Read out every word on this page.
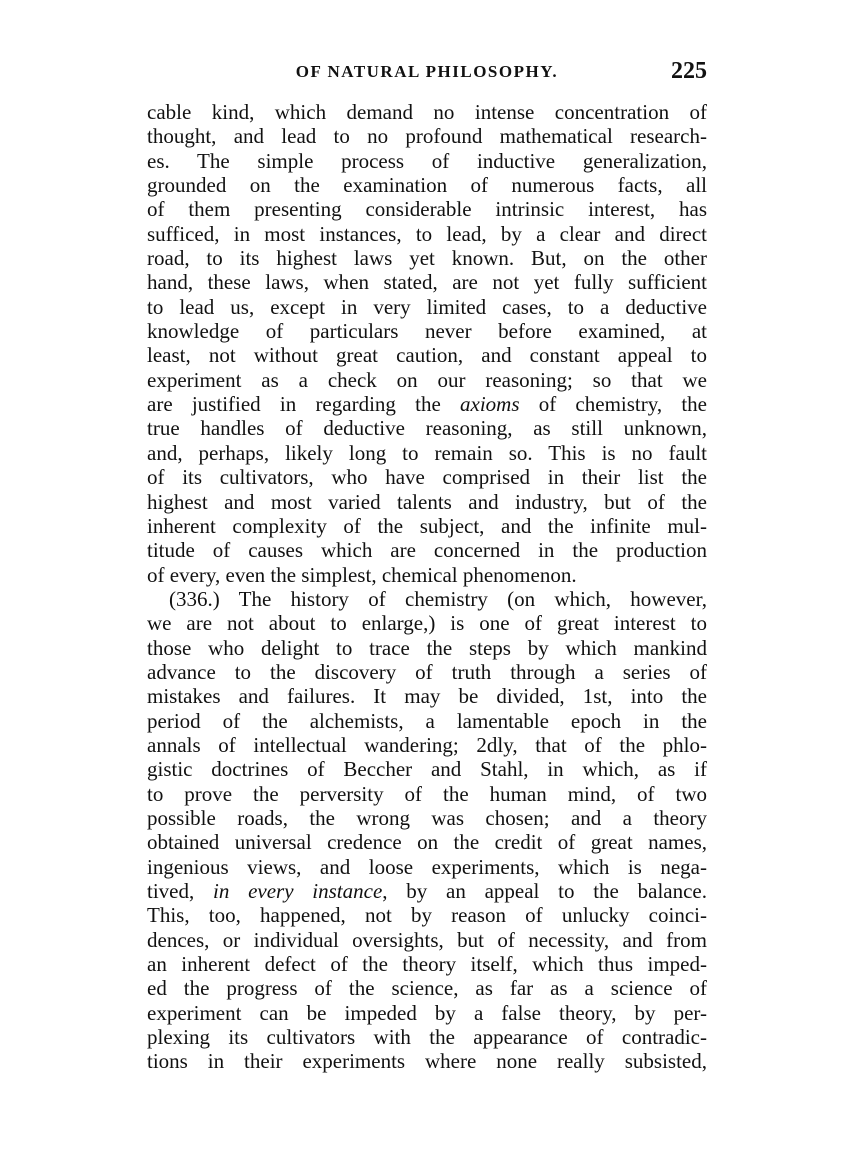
OF NATURAL PHILOSOPHY.	225
cable kind, which demand no intense concentration of
thought, and lead to no profound mathematical research-
es. The simple process of inductive generalization,
grounded on the examination of numerous facts, all
of them presenting considerable intrinsic interest, has
sufficed, in most instances, to lead, by a clear and direct
road, to its highest laws yet known. But, on the other
hand, these laws, when stated, are not yet fully sufficient
to lead us, except in very limited cases, to a deductive
knowledge of particulars never before examined, at
least, not without great caution, and constant appeal to
experiment as a check on our reasoning; so that we
are justified in regarding the axioms of chemistry, the
true handles of deductive reasoning, as still unknown,
and, perhaps, likely long to remain so. This is no fault
of its cultivators, who have comprised in their list the
highest and most varied talents and industry, but of the
inherent complexity of the subject, and the infinite mul-
titude of causes which are concerned in the production
of every, even the simplest, chemical phenomenon.
(336.) The history of chemistry (on which, however,
we are not about to enlarge,) is one of great interest to
those who delight to trace the steps by which mankind
advance to the discovery of truth through a series of
mistakes and failures. It may be divided, 1st, into the
period of the alchemists, a lamentable epoch in the
annals of intellectual wandering; 2dly, that of the phlo-
gistic doctrines of Beccher and Stahl, in which, as if
to prove the perversity of the human mind, of two
possible roads, the wrong was chosen; and a theory
obtained universal credence on the credit of great names,
ingenious views, and loose experiments, which is nega-
tived, in every instance, by an appeal to the balance.
This, too, happened, not by reason of unlucky coinci-
dences, or individual oversights, but of necessity, and from
an inherent defect of the theory itself, which thus imped-
ed the progress of the science, as far as a science of
experiment can be impeded by a false theory, by per-
plexing its cultivators with the appearance of contradic-
tions in their experiments where none really subsisted,
